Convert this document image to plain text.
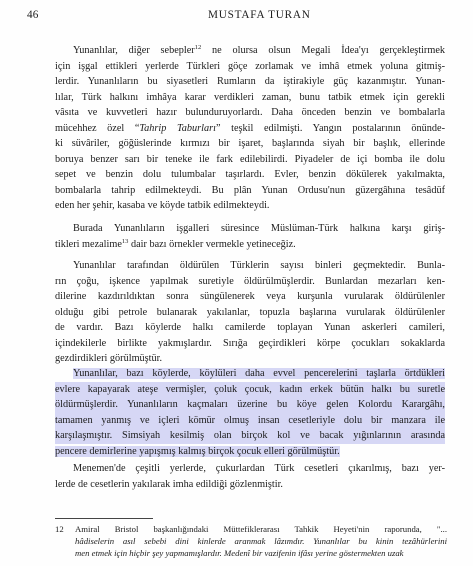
46	MUSTAFA TURAN
Yunanlılar, diğer sebepler$^{12}$ ne olursa olsun Megali İdea'yı gerçekleştirmek
için işgal ettikleri yerlerde Türkleri göçe zorlamak ve imhâ etmek yoluna gitmiş-
lerdir. Yunanlıların bu siyasetleri Rumların da iştirakiyle güç kazanmıştır. Yunan-
lılar, Türk halkını imhâya karar verdikleri zaman, bunu tatbik etmek için gerekli
vâsıta ve kuvvetleri hazır bulunduruyorlardı. Daha önceden benzin ve bombalarla
mücehhez özel “Tahrip Taburları” teşkil edilmişti. Yangın postalarının önünde-
ki süvâriler, göğüslerinde kırmızı bir işaret, başlarında siyah bir başlık, ellerinde
boruya benzer sarı bir teneke ile fark edilebilirdi. Piyadeler de içi bomba ile dolu
sepet ve benzin dolu tulumbalar taşırlardı. Evler, benzin dökülerek yakılmakta,
bombalarla tahrip edilmekteydi. Bu plân Yunan Ordusu'nun güzergâhına tesâdüf
eden her şehir, kasaba ve köyde tatbik edilmekteydi.
Burada Yunanlıların işgalleri süresince Müslüman-Türk halkına karşı giriş-
tikleri mezalime$^{13}$ dair bazı örnekler vermekle yetineceğiz.
Yunanlılar tarafından öldürülen Türklerin sayısı binleri geçmektedir. Bunla-
rın çoğu, işkence yapılmak suretiyle öldürülmüşlerdir. Bunlardan mezarları ken-
dilerine kazdırıldıktan sonra süngülenerek veya kurşunla vurularak öldürülenler
olduğu gibi petrole bulanarak yakılanlar, topuzla başlarına vurularak öldürülenler
de vardır. Bazı köylerde halkı camilerde toplayan Yunan askerleri camileri,
içindekilerle birlikte yakmışlardır. Sırığa geçirdikleri körpe çocukları sokaklarda
gezdirdikleri görülmüştür.
Yunanlılar, bazı köylerde, köylüleri daha evvel pencerelerini taşlarla örtdükleri
evlere kapayarak ateşe vermişler, çoluk çocuk, kadın erkek bütün halkı bu suretle
öldürmüşlerdir. Yunanlıların kaçmaları üzerine bu köye gelen Kolordu Karargâhı,
tamamen yanmış ve içleri kömür olmuş insan cesetleriyle dolu bir manzara ile
karşılaşmıştır. Simsiyah kesilmiş olan birçok kol ve bacak yığınlarının arasında
pencere demirlerine yapışmış kalmış birçok çocuk elleri görülmüştür.
Menemen'de çeşitli yerlerde, çukurlardan Türk cesetleri çıkarılmış, bazı yer-
lerde de cesetlerin yakılarak imha edildiği gözlenmiştir.
12 Amiral Bristol başkanlığındaki Müttefiklerarası Tahkik Heyeti'nin raporunda, "...
hâdiselerin asıl sebebi dini kinlerde aranmak lâzımdır. Yunanlılar bu kinin tezâhürlerini
men etmek için hiçbir şey yapmamışlardır. Medenî bir vazifenin ifâsı yerine göstermekten uzak
